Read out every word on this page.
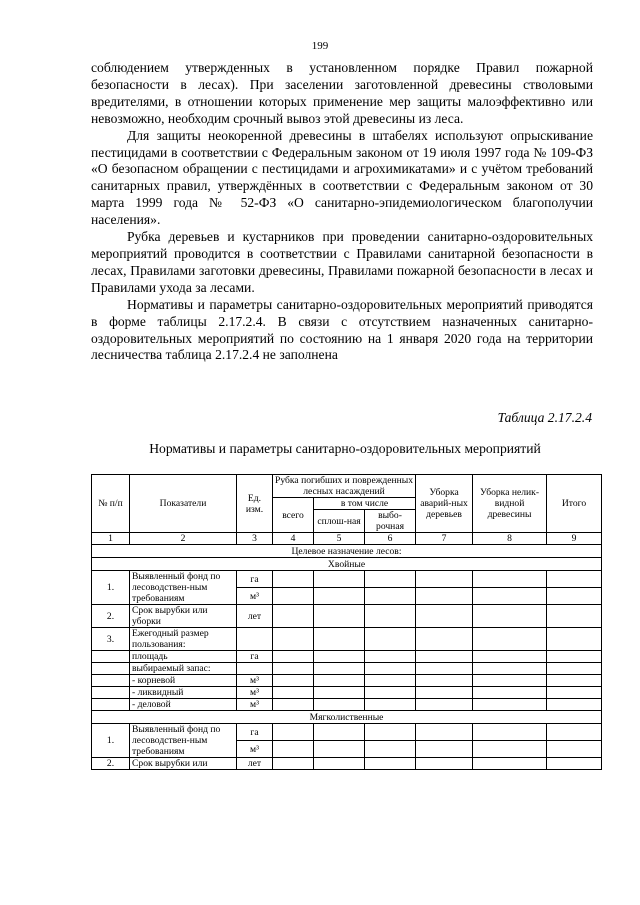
199

соблюдением утвержденных в установленном порядке Правил пожарной безопасности в лесах). При заселении заготовленной древесины стволовыми вредителями, в отношении которых применение мер защиты малоэффективно или невозможно, необходим срочный вывоз этой древесины из леса.

Для защиты неокоренной древесины в штабелях используют опрыскивание пестицидами в соответствии с Федеральным законом от 19 июля 1997 года № 109-ФЗ «О безопасном обращении с пестицидами и агрохимикатами» и с учётом требований санитарных правил, утверждённых в соответствии с Федеральным законом от 30 марта 1999 года № 52-ФЗ «О санитарно-эпидемиологическом благополучии населения».

Рубка деревьев и кустарников при проведении санитарно-оздоровительных мероприятий проводится в соответствии с Правилами санитарной безопасности в лесах, Правилами заготовки древесины, Правилами пожарной безопасности в лесах и Правилами ухода за лесами.

Нормативы и параметры санитарно-оздоровительных мероприятий приводятся в форме таблицы 2.17.2.4. В связи с отсутствием назначенных санитарно-оздоровительных мероприятий по состоянию на 1 января 2020 года на территории лесничества таблица 2.17.2.4 не заполнена

Таблица 2.17.2.4
Нормативы и параметры санитарно-оздоровительных мероприятий
№ п/п	Показатели	Ед. изм.	Рубка погибших и поврежденных лесных насаждений			Уборка аварий-ных деревьев	Уборка нелик-видной древесины	Итого
			всего	в том числе				
				сплош-ная	выбо-рочная			

1	2	3	4	5	6	7	8	9
Целевое назначение лесов:								
Хвойные								
1.	Выявленный фонд по лесоводствен-ным требованиям	га						
		м³						
2.	Срок вырубки или уборки	лет						
3.	Ежегодный размер пользования:							
	площадь	га						
	выбираемый запас:							
	- корневой	м³						
	- ликвидный	м³						
	- деловой	м³						
Мягколиственные								
1.	Выявленный фонд по лесоводствен-ным требованиям	га						
		м³						
2.	Срок вырубки или	лет						
